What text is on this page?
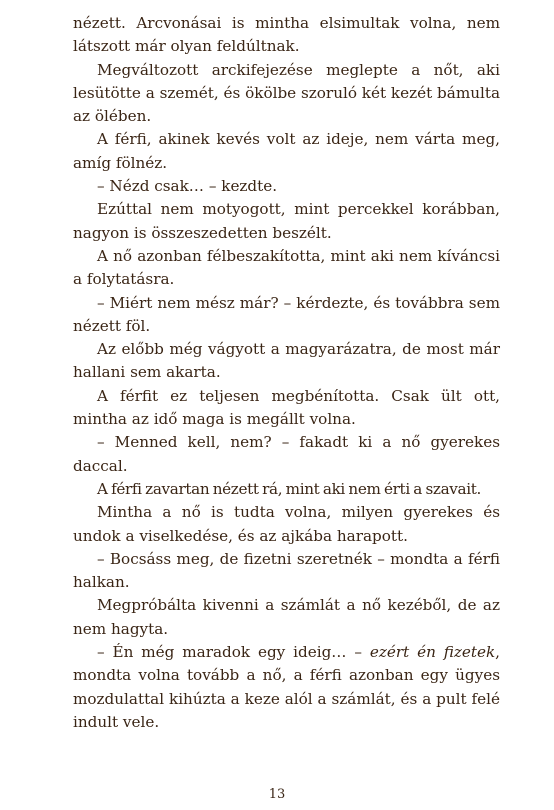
nézett. Arcvonásai is mintha elsimultak volna, nem látszott már olyan feldúltnak.

Megváltozott arckifejezése meglepte a nőt, aki lesütötte a szemét, és ökölbe szoruló két kezét bámulta az ölében.

A férfi, akinek kevés volt az ideje, nem várta meg, amíg fölnéz.

– Nézd csak… – kezdte.

Ezúttal nem motyogott, mint percekkel korábban, nagyon is összeszedetten beszélt.

A nő azonban félbeszakította, mint aki nem kíváncsi a folytatásra.

– Miért nem mész már? – kérdezte, és továbbra sem nézett föl.

Az előbb még vágyott a magyarázatra, de most már hallani sem akarta.

A férfit ez teljesen megbénította. Csak ült ott, mintha az idő maga is megállt volna.

– Menned kell, nem? – fakadt ki a nő gyerekes daccal.

A férfi zavartan nézett rá, mint aki nem érti a szavait.

Mintha a nő is tudta volna, milyen gyerekes és undok a viselkedése, és az ajkába harapott.

– Bocsáss meg, de fizetni szeretnék – mondta a férfi halkan.

Megpróbálta kivenni a számlát a nő kezéből, de az nem hagyta.

– Én még maradok egy ideig… – ezért én fizetek, mondta volna tovább a nő, a férfi azonban egy ügyes mozdulattal kihúzta a keze alól a számlát, és a pult felé indult vele.

13
